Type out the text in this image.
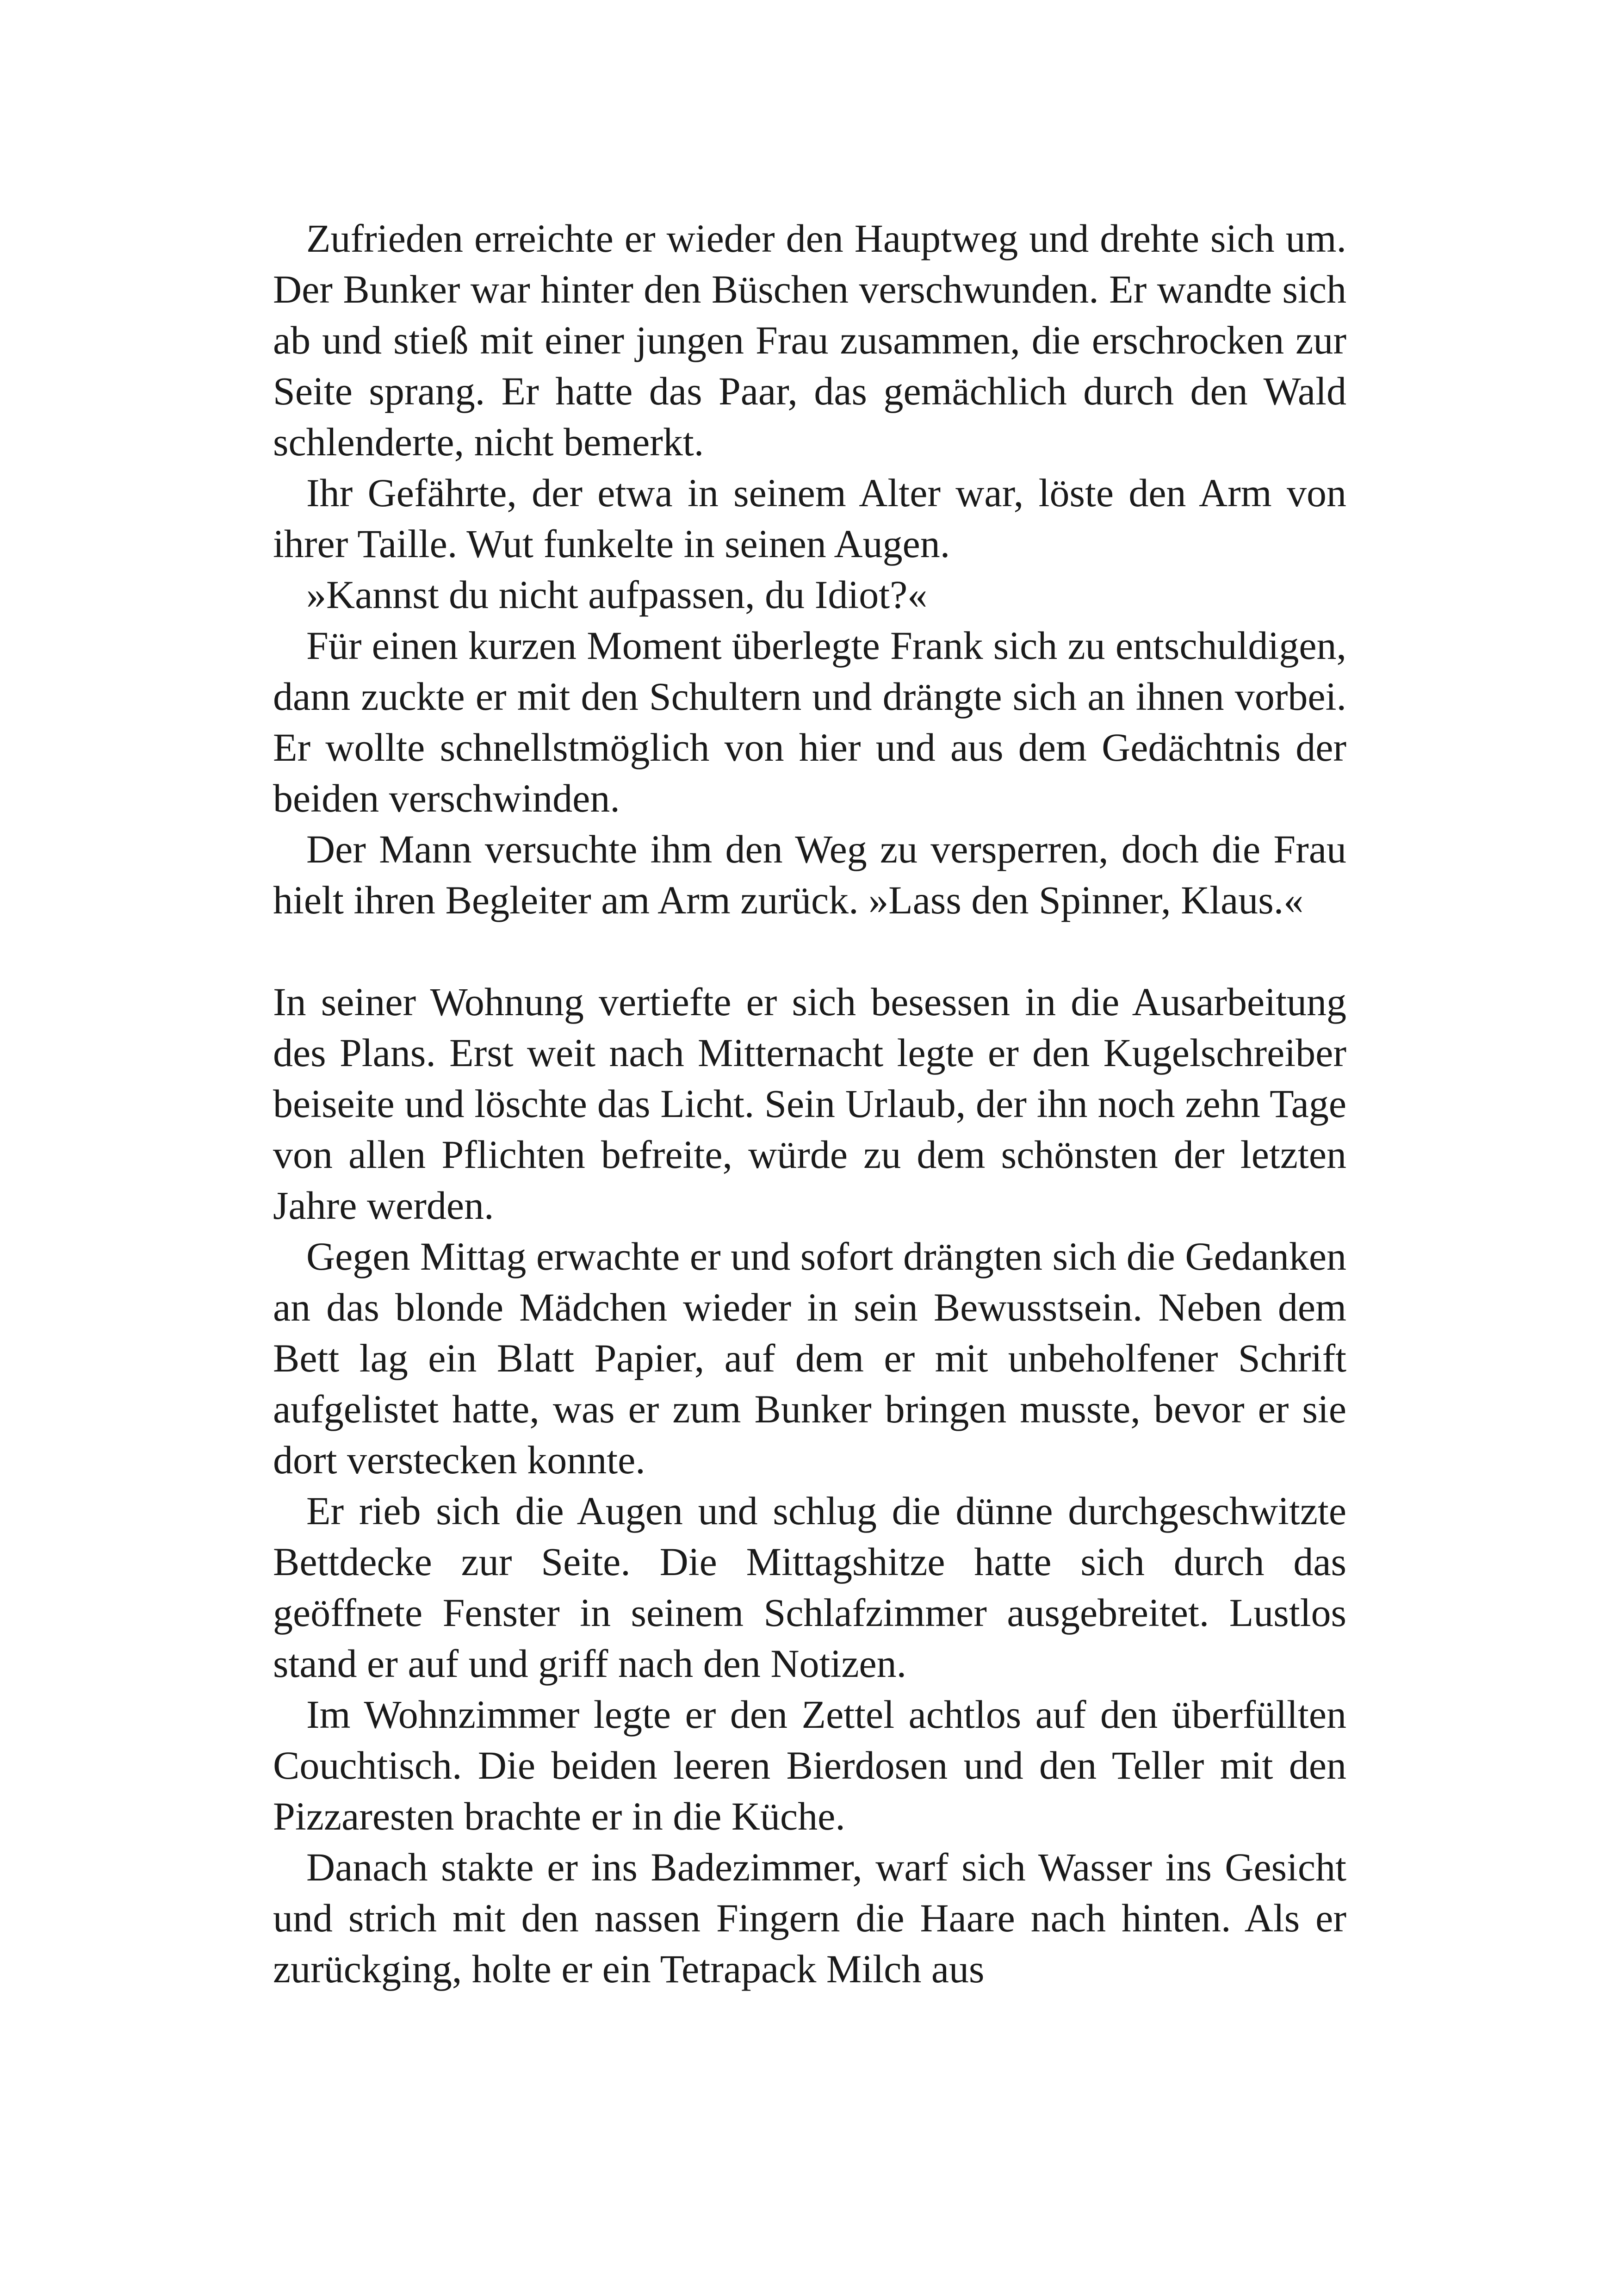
Zufrieden erreichte er wieder den Hauptweg und drehte sich um. Der Bunker war hinter den Büschen verschwunden. Er wandte sich ab und stieß mit einer jungen Frau zusammen, die erschrocken zur Seite sprang. Er hatte das Paar, das gemächlich durch den Wald schlenderte, nicht bemerkt.

Ihr Gefährte, der etwa in seinem Alter war, löste den Arm von ihrer Taille. Wut funkelte in seinen Augen.

»Kannst du nicht aufpassen, du Idiot?«

Für einen kurzen Moment überlegte Frank sich zu entschuldigen, dann zuckte er mit den Schultern und drängte sich an ihnen vorbei. Er wollte schnellstmöglich von hier und aus dem Gedächtnis der beiden verschwinden.

Der Mann versuchte ihm den Weg zu versperren, doch die Frau hielt ihren Begleiter am Arm zurück. »Lass den Spinner, Klaus.«

In seiner Wohnung vertiefte er sich besessen in die Ausarbeitung des Plans. Erst weit nach Mitternacht legte er den Kugelschreiber beiseite und löschte das Licht. Sein Urlaub, der ihn noch zehn Tage von allen Pflichten befreite, würde zu dem schönsten der letzten Jahre werden.

Gegen Mittag erwachte er und sofort drängten sich die Gedanken an das blonde Mädchen wieder in sein Bewusstsein. Neben dem Bett lag ein Blatt Papier, auf dem er mit unbeholfener Schrift aufgelistet hatte, was er zum Bunker bringen musste, bevor er sie dort verstecken konnte.

Er rieb sich die Augen und schlug die dünne durchgeschwitzte Bettdecke zur Seite. Die Mittagshitze hatte sich durch das geöffnete Fenster in seinem Schlafzimmer ausgebreitet. Lustlos stand er auf und griff nach den Notizen.

Im Wohnzimmer legte er den Zettel achtlos auf den überfüllten Couchtisch. Die beiden leeren Bierdosen und den Teller mit den Pizzaresten brachte er in die Küche.

Danach stakte er ins Badezimmer, warf sich Wasser ins Gesicht und strich mit den nassen Fingern die Haare nach hinten. Als er zurückging, holte er ein Tetrapack Milch aus
